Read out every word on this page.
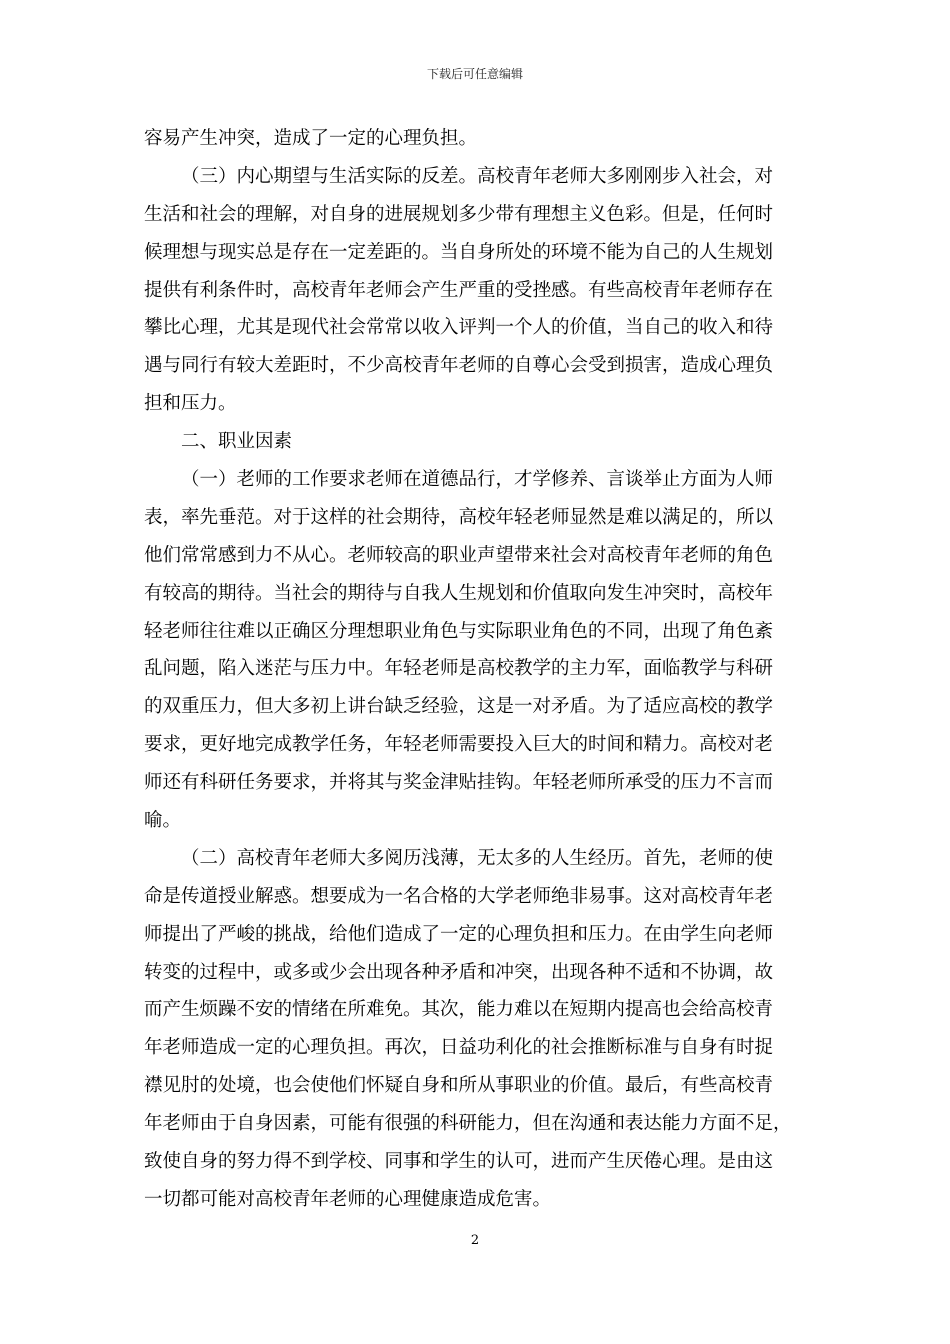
下载后可任意编辑
容易产生冲突，造成了一定的心理负担。
（三）内心期望与生活实际的反差。高校青年老师大多刚刚步入社会，对
生活和社会的理解，对自身的进展规划多少带有理想主义色彩。但是，任何时
候理想与现实总是存在一定差距的。当自身所处的环境不能为自己的人生规划
提供有利条件时，高校青年老师会产生严重的受挫感。有些高校青年老师存在
攀比心理，尤其是现代社会常常以收入评判一个人的价值，当自己的收入和待
遇与同行有较大差距时，不少高校青年老师的自尊心会受到损害，造成心理负
担和压力。
二、职业因素
（一）老师的工作要求老师在道德品行，才学修养、言谈举止方面为人师
表，率先垂范。对于这样的社会期待，高校年轻老师显然是难以满足的，所以
他们常常感到力不从心。老师较高的职业声望带来社会对高校青年老师的角色
有较高的期待。当社会的期待与自我人生规划和价值取向发生冲突时，高校年
轻老师往往难以正确区分理想职业角色与实际职业角色的不同，出现了角色紊
乱问题，陷入迷茫与压力中。年轻老师是高校教学的主力军，面临教学与科研
的双重压力，但大多初上讲台缺乏经验，这是一对矛盾。为了适应高校的教学
要求，更好地完成教学任务，年轻老师需要投入巨大的时间和精力。高校对老
师还有科研任务要求，并将其与奖金津贴挂钩。年轻老师所承受的压力不言而
喻。
（二）高校青年老师大多阅历浅薄，无太多的人生经历。首先，老师的使
命是传道授业解惑。想要成为一名合格的大学老师绝非易事。这对高校青年老
师提出了严峻的挑战，给他们造成了一定的心理负担和压力。在由学生向老师
转变的过程中，或多或少会出现各种矛盾和冲突，出现各种不适和不协调，故
而产生烦躁不安的情绪在所难免。其次，能力难以在短期内提高也会给高校青
年老师造成一定的心理负担。再次，日益功利化的社会推断标准与自身有时捉
襟见肘的处境，也会使他们怀疑自身和所从事职业的价值。最后，有些高校青
年老师由于自身因素，可能有很强的科研能力，但在沟通和表达能力方面不足，
致使自身的努力得不到学校、同事和学生的认可，进而产生厌倦心理。是由这
一切都可能对高校青年老师的心理健康造成危害。
2
